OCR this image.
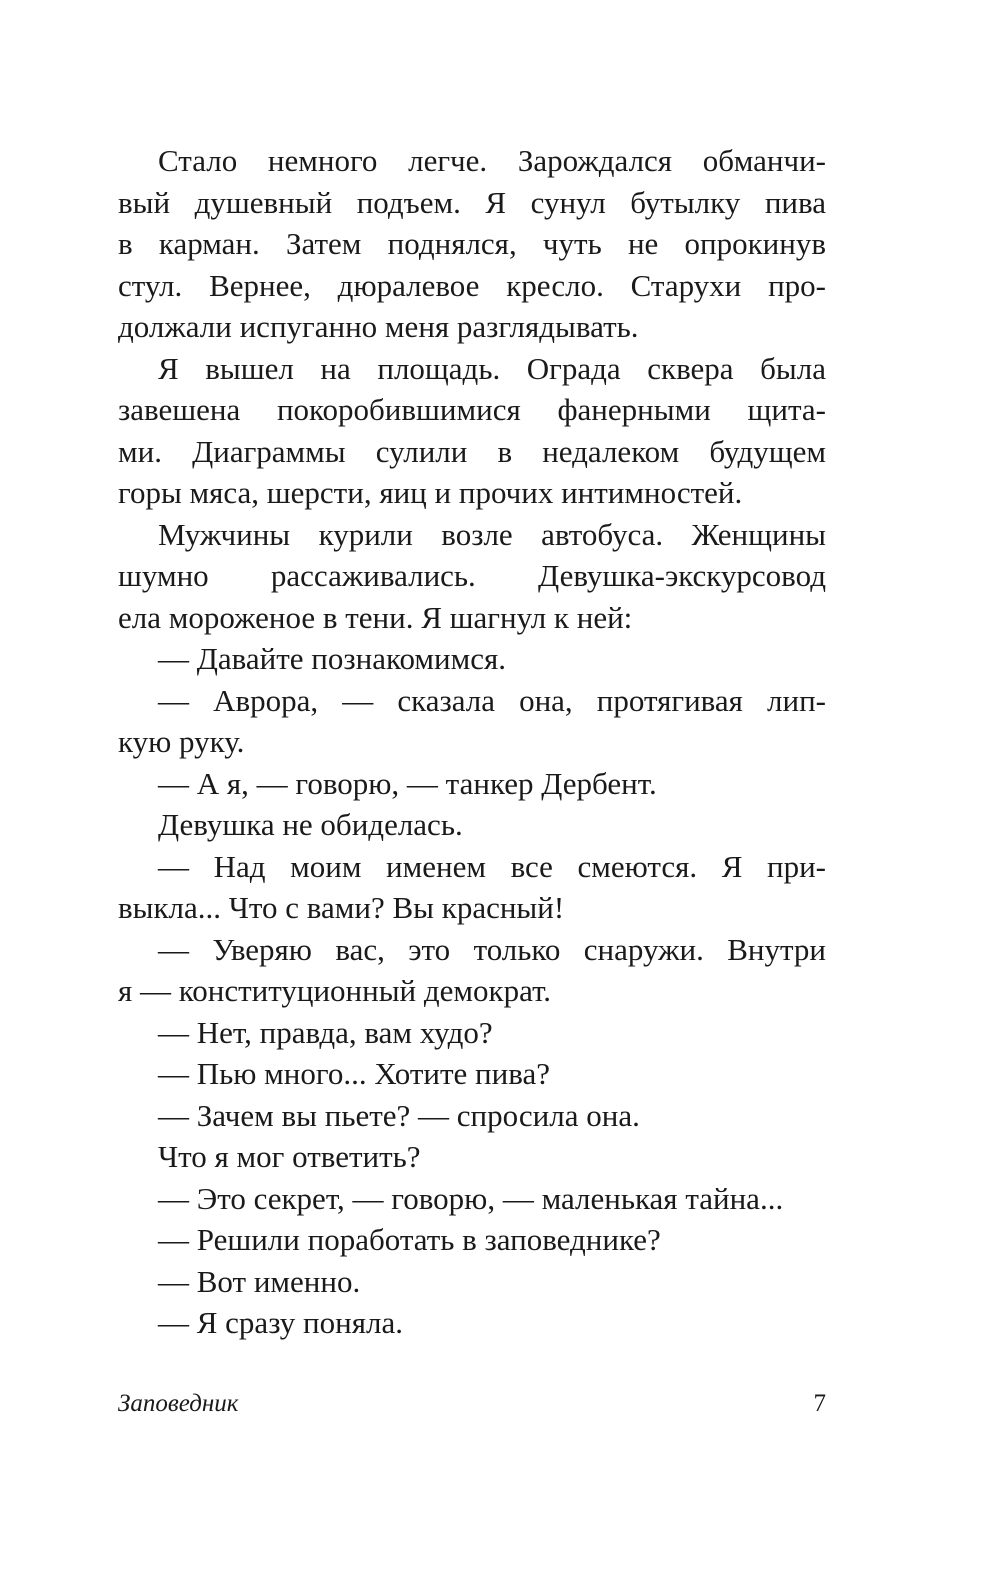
Стало немного легче. Зарождался обманчи-
вый душевный подъем. Я сунул бутылку пива
в карман. Затем поднялся, чуть не опрокинув
стул. Вернее, дюралевое кресло. Старухи про-
должали испуганно меня разглядывать.
Я вышел на площадь. Ограда сквера была
завешена покоробившимися фанерными щита-
ми. Диаграммы сулили в недалеком будущем
горы мяса, шерсти, яиц и прочих интимностей.
Мужчины курили возле автобуса. Женщины
шумно рассаживались. Девушка-экскурсовод
ела мороженое в тени. Я шагнул к ней:
— Давайте познакомимся.
— Аврора, — сказала она, протягивая лип-
кую руку.
— А я, — говорю, — танкер Дербент.
Девушка не обиделась.
— Над моим именем все смеются. Я при-
выкла... Что с вами? Вы красный!
— Уверяю вас, это только снаружи. Внутри
я — конституционный демократ.
— Нет, правда, вам худо?
— Пью много... Хотите пива?
— Зачем вы пьете? — спросила она.
Что я мог ответить?
— Это секрет, — говорю, — маленькая тайна...
— Решили поработать в заповеднике?
— Вот именно.
— Я сразу поняла.
Заповедник	7
